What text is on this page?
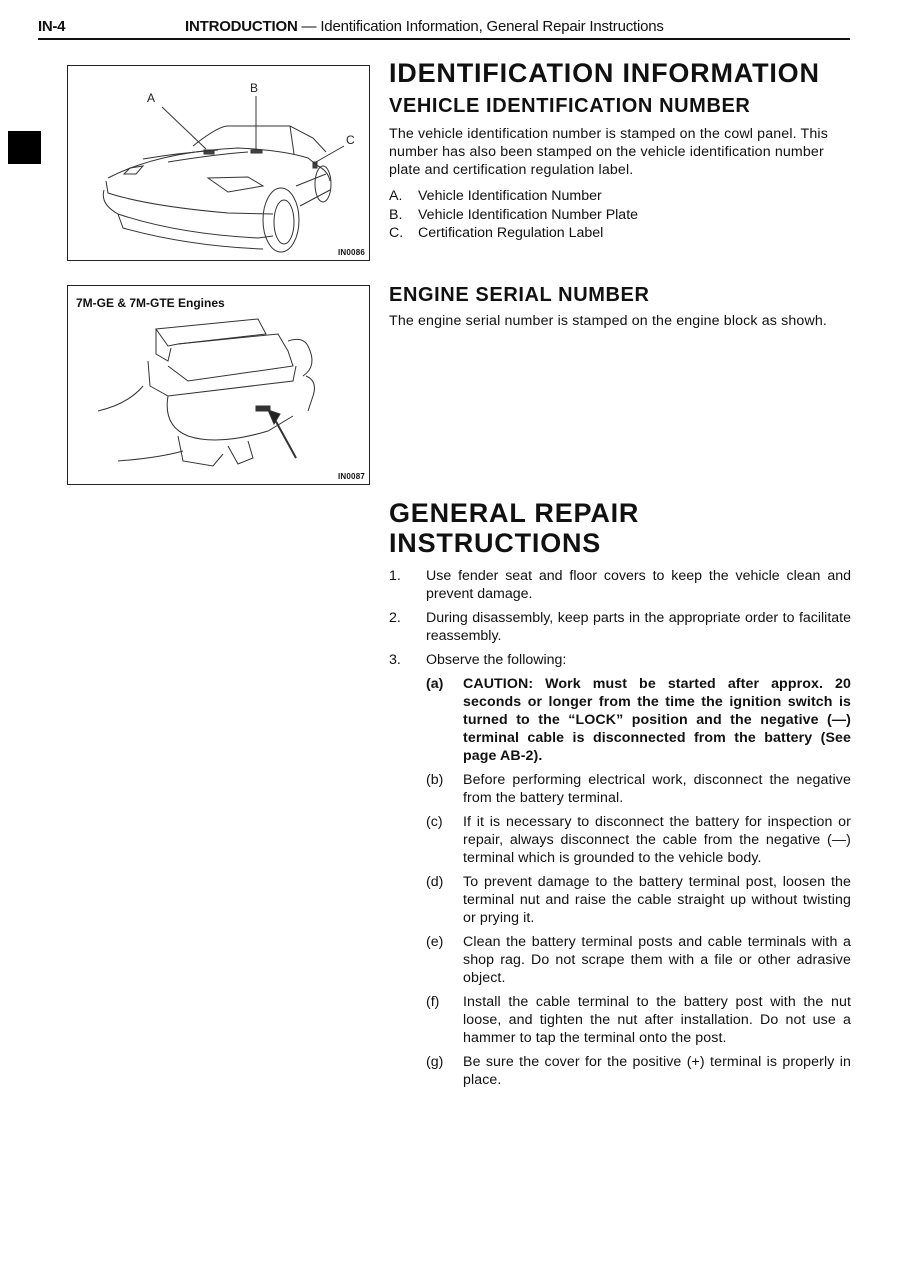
IN-4	INTRODUCTION — Identification Information, General Repair Instructions
A
B
C
IN0086
7M-GE & 7M-GTE Engines
IN0087
IDENTIFICATION INFORMATION
VEHICLE IDENTIFICATION NUMBER

The vehicle identification number is stamped on the cowl panel. This number has also been stamped on the vehicle identification number plate and certification regulation label.

A.	Vehicle Identification Number
B.	Vehicle Identification Number Plate
C.	Certification Regulation Label
ENGINE SERIAL NUMBER

The engine serial number is stamped on the engine block as showh.

GENERAL REPAIR INSTRUCTIONS
1.	Use fender seat and floor covers to keep the vehicle clean and prevent damage.
2.	During disassembly, keep parts in the appropriate order to facilitate reassembly.
3.	Observe the following:
(a)	CAUTION: Work must be started after approx. 20 seconds or longer from the time the ignition switch is turned to the “LOCK” position and the negative (—) terminal cable is disconnected from the battery (See page AB-2).
(b)	Before performing electrical work, disconnect the negative from the battery terminal.
(c)	If it is necessary to disconnect the battery for inspection or repair, always disconnect the cable from the negative (—) terminal which is grounded to the vehicle body.
(d)	To prevent damage to the battery terminal post, loosen the terminal nut and raise the cable straight up without twisting or prying it.
(e)	Clean the battery terminal posts and cable terminals with a shop rag. Do not scrape them with a file or other adrasive object.
(f)	Install the cable terminal to the battery post with the nut loose, and tighten the nut after installation. Do not use a hammer to tap the terminal onto the post.
(g)	Be sure the cover for the positive (+) terminal is properly in place.
